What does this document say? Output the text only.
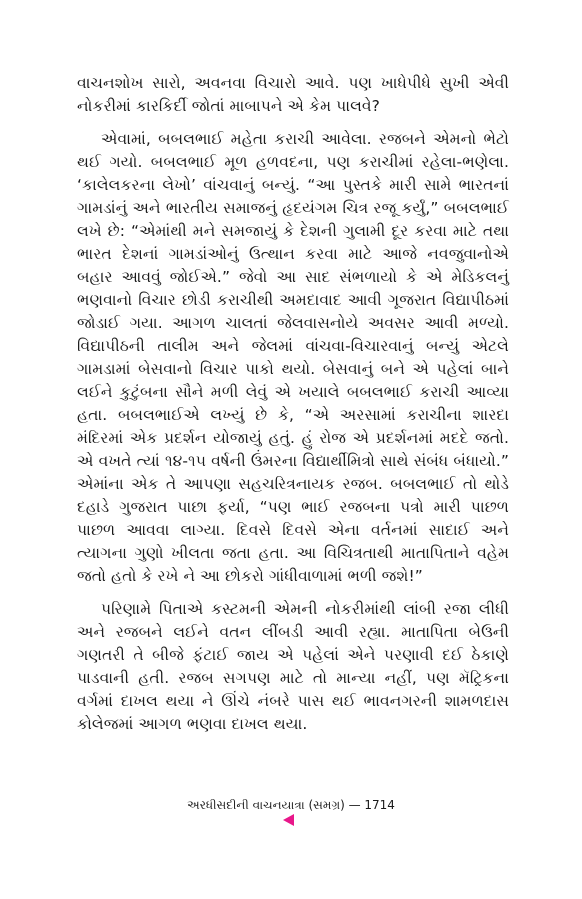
વાચનશોખ સારો, અવનવા વિચારો આવે. પણ ખાધેપીધે સુખી એવી નોકરીમાં કારકિર્દી જોતાં માબાપને એ કેમ પાલવે?

એવામાં, બબલભાઈ મહેતા કરાચી આવેલા. રજબને એમનો ભેટો થઈ ગયો. બબલભાઈ મૂળ હળવદના, પણ કરાચીમાં રહેલા-ભણેલા. ‘કાલેલકરના લેખો’ વાંચવાનું બન્યું. “આ પુસ્તકે મારી સામે ભારતનાં ગામડાંનું અને ભારતીય સમાજનું હૃદયંગમ ચિત્ર રજૂ કર્યું,” બબલભાઈ લખે છે: “એમાંથી મને સમજાયું કે દેશની ગુલામી દૂર કરવા માટે તથા ભારત દેશનાં ગામડાંઓનું ઉત્થાન કરવા માટે આજે નવજુવાનોએ બહાર આવવું જોઈએ.” જેવો આ સાદ સંભળાયો કે એ મેડિકલનું ભણવાનો વિચાર છોડી કરાચીથી અમદાવાદ આવી ગૂજરાત વિદ્યાપીઠમાં જોડાઈ ગયા. આગળ ચાલતાં જેલવાસનોયે અવસર આવી મળ્યો. વિદ્યાપીઠની તાલીમ અને જેલમાં વાંચવા-વિચારવાનું બન્યું એટલે ગામડામાં બેસવાનો વિચાર પાકો થયો. બેસવાનું બને એ પહેલાં બાને લઈને કુટુંબના સૌને મળી લેવું એ ખયાલે બબલભાઈ કરાચી આવ્યા હતા. બબલભાઈએ લખ્યું છે કે, “એ અરસામાં કરાચીના શારદા મંદિરમાં એક પ્રદર્શન યોજાયું હતું. હું રોજ એ પ્રદર્શનમાં મદદે જતો. એ વખતે ત્યાં ૧૪-૧૫ વર્ષની ઉંમરના વિદ્યાર્થીમિત્રો સાથે સંબંધ બંધાયો.” એમાંના એક તે આપણા સહચરિત્રનાયક રજબ. બબલભાઈ તો થોડે દહાડે ગુજરાત પાછા ફર્યા, “પણ ભાઈ રજબના પત્રો મારી પાછળ પાછળ આવવા લાગ્યા. દિવસે દિવસે એના વર્તનમાં સાદાઈ અને ત્યાગના ગુણો ખીલતા જતા હતા. આ વિચિત્રતાથી માતાપિતાને વહેમ જતો હતો કે રખે ને આ છોકરો ગાંધીવાળામાં ભળી જશે!”

પરિણામે પિતાએ કસ્ટમની એમની નોકરીમાંથી લાંબી રજા લીધી અને રજબને લઈને વતન લીંબડી આવી રહ્યા. માતાપિતા બેઉની ગણતરી તે બીજે ફંટાઈ જાય એ પહેલાં એને પરણાવી દઈ ઠેકાણે પાડવાની હતી. રજબ સગપણ માટે તો માન્યા નહીં, પણ મૅટ્રિકના વર્ગમાં દાખલ થયા ને ઊંચે નંબરે પાસ થઈ ભાવનગરની શામળદાસ કોલેજમાં આગળ ભણવા દાખલ થયા.

અરધીસદીની વાચનયાત્રા (સમગ્ર) — 1714
